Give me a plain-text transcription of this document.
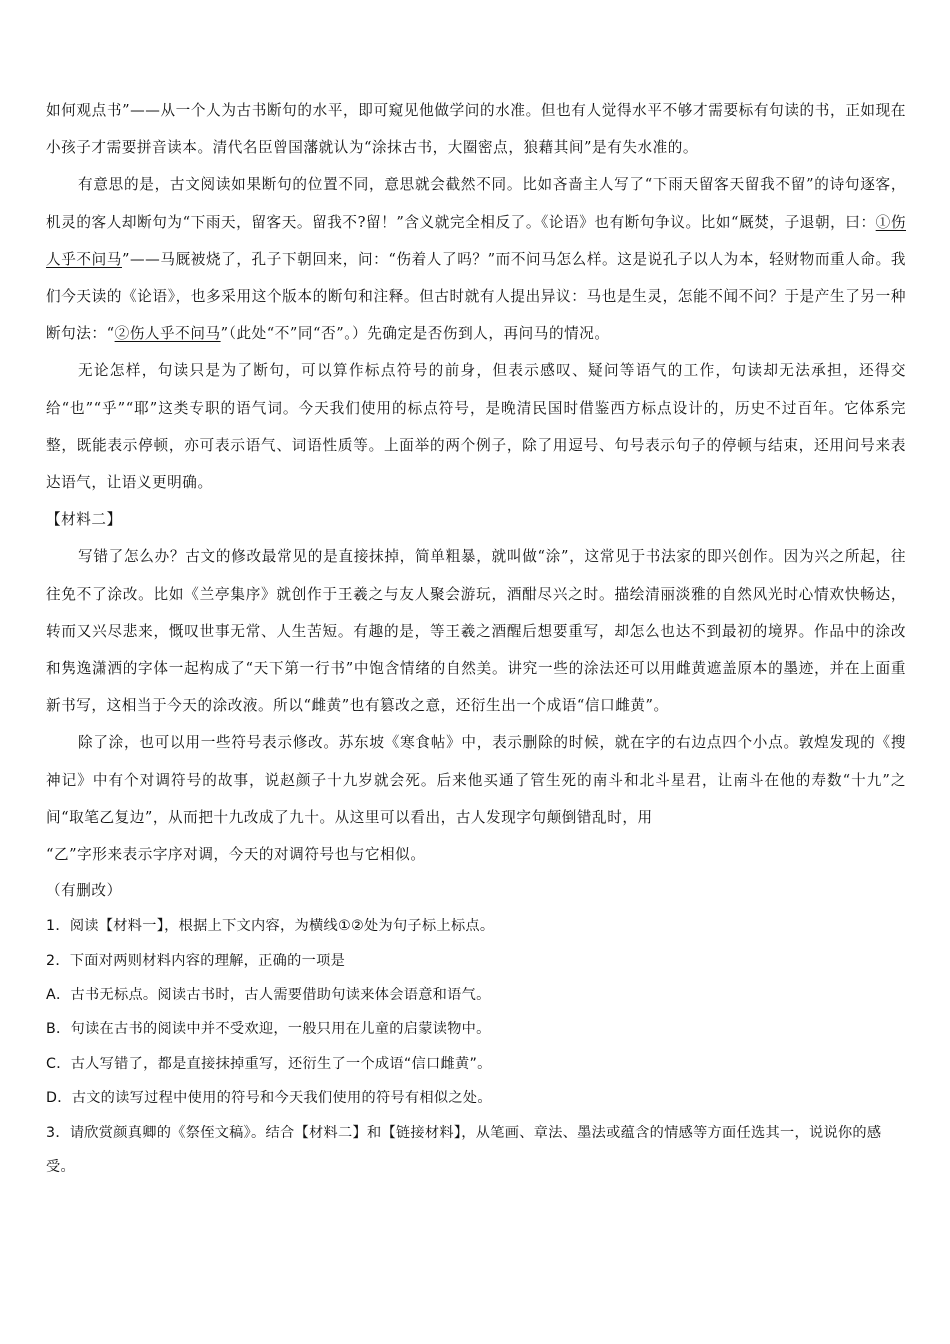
如何观点书”——从一个人为古书断句的水平，即可窥见他做学问的水准。但也有人觉得水平不够才需要标有句读的书，正如现在小孩子才需要拼音读本。清代名臣曾国藩就认为“涂抹古书，大圈密点，狼藉其间”是有失水准的。

有意思的是，古文阅读如果断句的位置不同，意思就会截然不同。比如吝啬主人写了“下雨天留客天留我不留”的诗句逐客，机灵的客人却断句为“下雨天，留客天。留我不?留！”含义就完全相反了。《论语》也有断句争议。比如“厩焚，子退朝，曰：①伤人乎不问马”——马厩被烧了，孔子下朝回来，问：“伤着人了吗？”而不问马怎么样。这是说孔子以人为本，轻财物而重人命。我们今天读的《论语》，也多采用这个版本的断句和注释。但古时就有人提出异议：马也是生灵，怎能不闻不问？于是产生了另一种断句法：“②伤人乎不问马”（此处“不”同“否”。）先确定是否伤到人，再问马的情况。

无论怎样，句读只是为了断句，可以算作标点符号的前身，但表示感叹、疑问等语气的工作，句读却无法承担，还得交给“也”“乎”“耶”这类专职的语气词。今天我们使用的标点符号，是晚清民国时借鉴西方标点设计的，历史不过百年。它体系完整，既能表示停顿，亦可表示语气、词语性质等。上面举的两个例子，除了用逗号、句号表示句子的停顿与结束，还用问号来表达语气，让语义更明确。

【材料二】

写错了怎么办？古文的修改最常见的是直接抹掉，简单粗暴，就叫做“涂”，这常见于书法家的即兴创作。因为兴之所起，往往免不了涂改。比如《兰亭集序》就创作于王羲之与友人聚会游玩，酒酣尽兴之时。描绘清丽淡雅的自然风光时心情欢快畅达，转而又兴尽悲来，慨叹世事无常、人生苦短。有趣的是，等王羲之酒醒后想要重写，却怎么也达不到最初的境界。作品中的涂改和隽逸潇洒的字体一起构成了“天下第一行书”中饱含情绪的自然美。讲究一些的涂法还可以用雌黄遮盖原本的墨迹，并在上面重新书写，这相当于今天的涂改液。所以“雌黄”也有篡改之意，还衍生出一个成语“信口雌黄”。

除了涂，也可以用一些符号表示修改。苏东坡《寒食帖》中，表示删除的时候，就在字的右边点四个小点。敦煌发现的《搜神记》中有个对调符号的故事，说赵颜子十九岁就会死。后来他买通了管生死的南斗和北斗星君，让南斗在他的寿数“十九”之间“取笔乙复边”，从而把十九改成了九十。从这里可以看出，古人发现字句颠倒错乱时，用

“乙”字形来表示字序对调，今天的对调符号也与它相似。

（有删改）

1．阅读【材料一】，根据上下文内容，为横线①②处为句子标上标点。

2．下面对两则材料内容的理解，正确的一项是

A．古书无标点。阅读古书时，古人需要借助句读来体会语意和语气。

B．句读在古书的阅读中并不受欢迎，一般只用在儿童的启蒙读物中。

C．古人写错了，都是直接抹掉重写，还衍生了一个成语“信口雌黄”。

D．古文的读写过程中使用的符号和今天我们使用的符号有相似之处。

3．请欣赏颜真卿的《祭侄文稿》。结合【材料二】和【链接材料】，从笔画、章法、墨法或蕴含的情感等方面任选其一，说说你的感受。
